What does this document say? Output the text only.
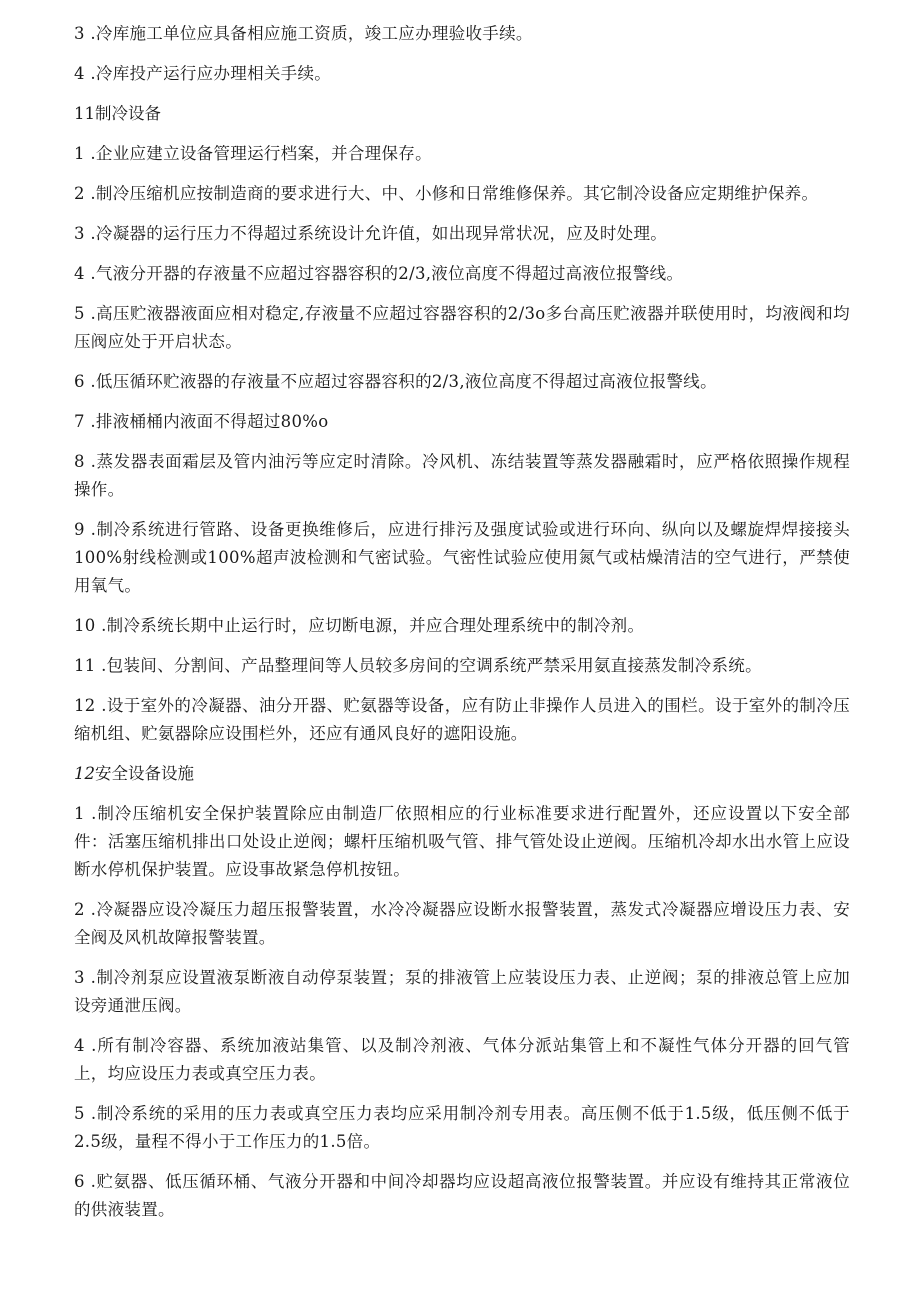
3 .冷库施工单位应具备相应施工资质，竣工应办理验收手续。

4 .冷库投产运行应办理相关手续。

11制冷设备

1 .企业应建立设备管理运行档案，并合理保存。

2 .制冷压缩机应按制造商的要求进行大、中、小修和日常维修保养。其它制冷设备应定期维护保养。

3 .冷凝器的运行压力不得超过系统设计允许值，如出现异常状况，应及时处理。

4 .气液分开器的存液量不应超过容器容积的2/3,液位高度不得超过高液位报警线。

5 .高压贮液器液面应相对稳定,存液量不应超过容器容积的2/3o多台高压贮液器并联使用时，均液阀和均压阀应处于开启状态。

6 .低压循环贮液器的存液量不应超过容器容积的2/3,液位高度不得超过高液位报警线。

7 .排液桶桶内液面不得超过80%o

8 .蒸发器表面霜层及管内油污等应定时清除。冷风机、冻结装置等蒸发器融霜时，应严格依照操作规程操作。

9 .制冷系统进行管路、设备更换维修后，应进行排污及强度试验或进行环向、纵向以及螺旋焊焊接接头100%射线检测或100%超声波检测和气密试验。气密性试验应使用氮气或枯燥清洁的空气进行，严禁使用氧气。

10 .制冷系统长期中止运行时，应切断电源，并应合理处理系统中的制冷剂。

11 .包装间、分割间、产品整理间等人员较多房间的空调系统严禁采用氨直接蒸发制冷系统。

12 .设于室外的冷凝器、油分开器、贮氨器等设备，应有防止非操作人员进入的围栏。设于室外的制冷压缩机组、贮氨器除应设围栏外，还应有通风良好的遮阳设施。

12安全设备设施

1 .制冷压缩机安全保护装置除应由制造厂依照相应的行业标准要求进行配置外，还应设置以下安全部件：活塞压缩机排出口处设止逆阀；螺杆压缩机吸气管、排气管处设止逆阀。压缩机冷却水出水管上应设断水停机保护装置。应设事故紧急停机按钮。

2 .冷凝器应设冷凝压力超压报警装置，水冷冷凝器应设断水报警装置，蒸发式冷凝器应增设压力表、安全阀及风机故障报警装置。

3 .制冷剂泵应设置液泵断液自动停泵装置；泵的排液管上应装设压力表、止逆阀；泵的排液总管上应加设旁通泄压阀。

4 .所有制冷容器、系统加液站集管、以及制冷剂液、气体分派站集管上和不凝性气体分开器的回气管上，均应设压力表或真空压力表。

5 .制冷系统的采用的压力表或真空压力表均应采用制冷剂专用表。高压侧不低于1.5级，低压侧不低于2.5级，量程不得小于工作压力的1.5倍。

6 .贮氨器、低压循环桶、气液分开器和中间冷却器均应设超高液位报警装置。并应设有维持其正常液位的供液装置。
